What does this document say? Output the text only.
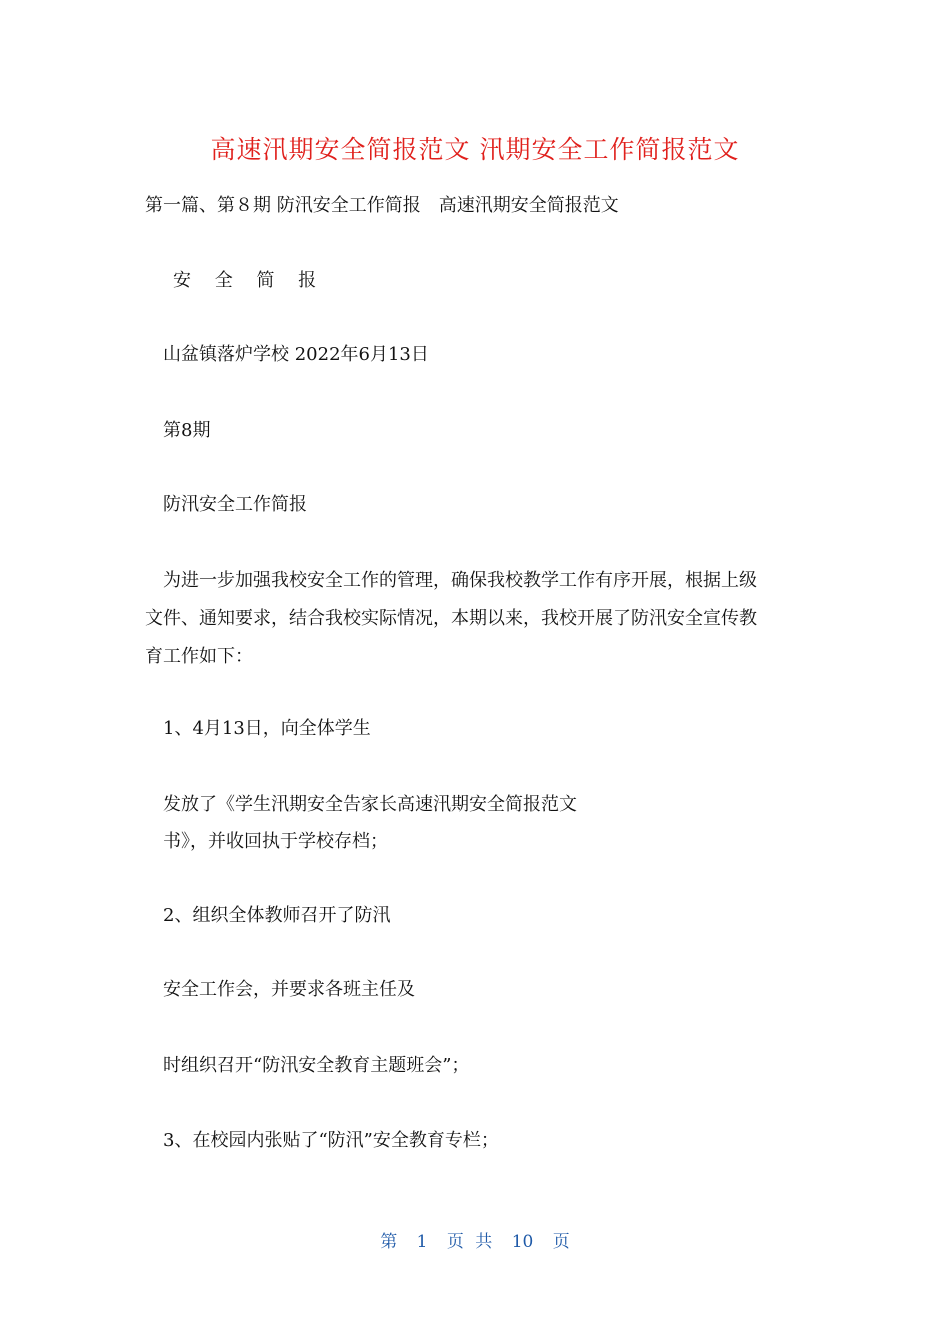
高速汛期安全简报范文 汛期安全工作简报范文
第一篇、第８期 防汛安全工作简报　高速汛期安全简报范文
安 全 简 报
山盆镇落炉学校 2022年6月13日
第8期
防汛安全工作简报
为进一步加强我校安全工作的管理，确保我校教学工作有序开展，根据上级
文件、通知要求，结合我校实际情况，本期以来，我校开展了防汛安全宣传教
育工作如下：
1、4月13日，向全体学生
发放了《学生汛期安全告家长高速汛期安全简报范文
书》，并收回执于学校存档；
2、组织全体教师召开了防汛
安全工作会，并要求各班主任及
时组织召开“防汛安全教育主题班会”；
3、在校园内张贴了“防汛”安全教育专栏；
第 1 页 共 10 页
